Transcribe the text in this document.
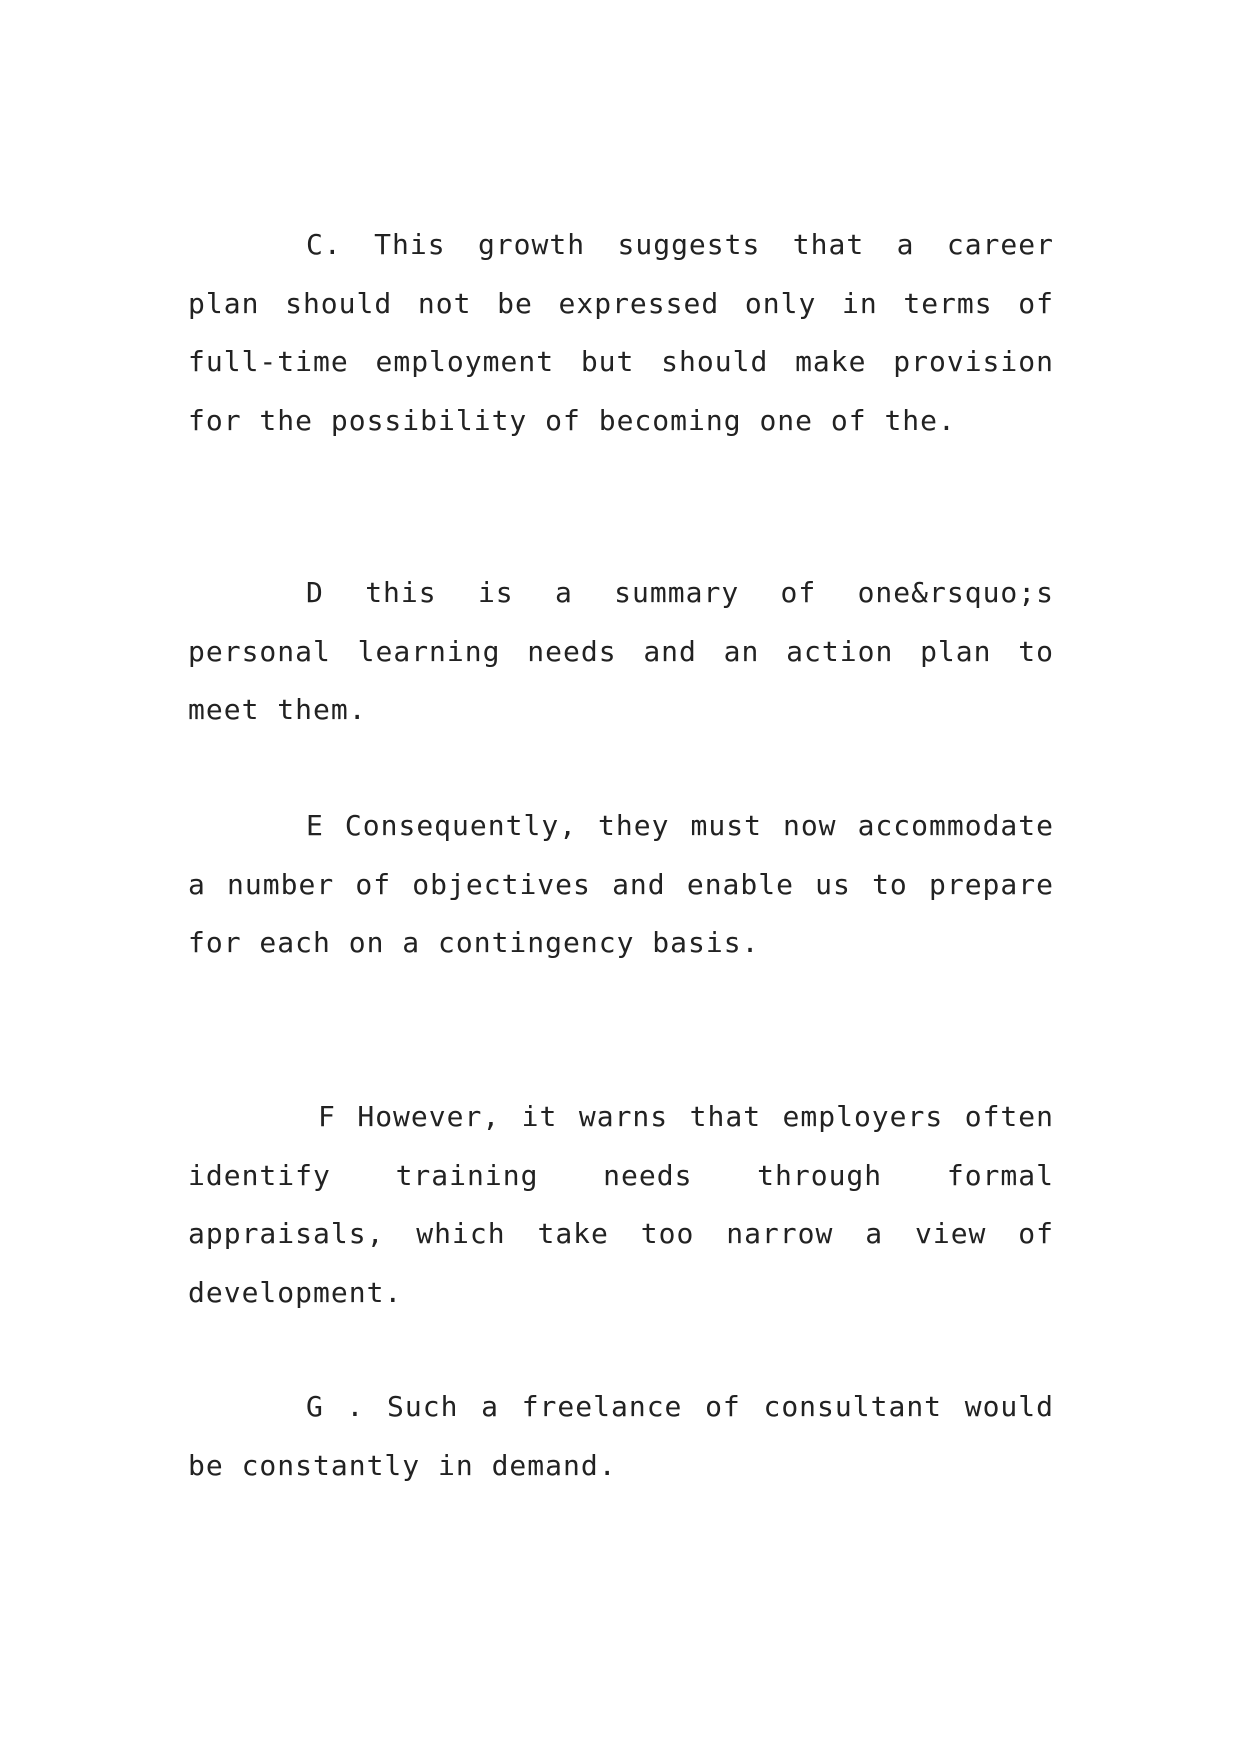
C. This growth suggests that a career plan should not be expressed only in terms of full-time employment but should make provision for the possibility of becoming one of the.

D this is a summary of one&rsquo;s personal learning needs and an action plan to meet them.

E Consequently, they must now accommodate a number of objectives and enable us to prepare for each on a contingency basis.

F However, it warns that employers often identify training needs through formal appraisals, which take too narrow a view of development.

G . Such a freelance of consultant would be constantly in demand.
